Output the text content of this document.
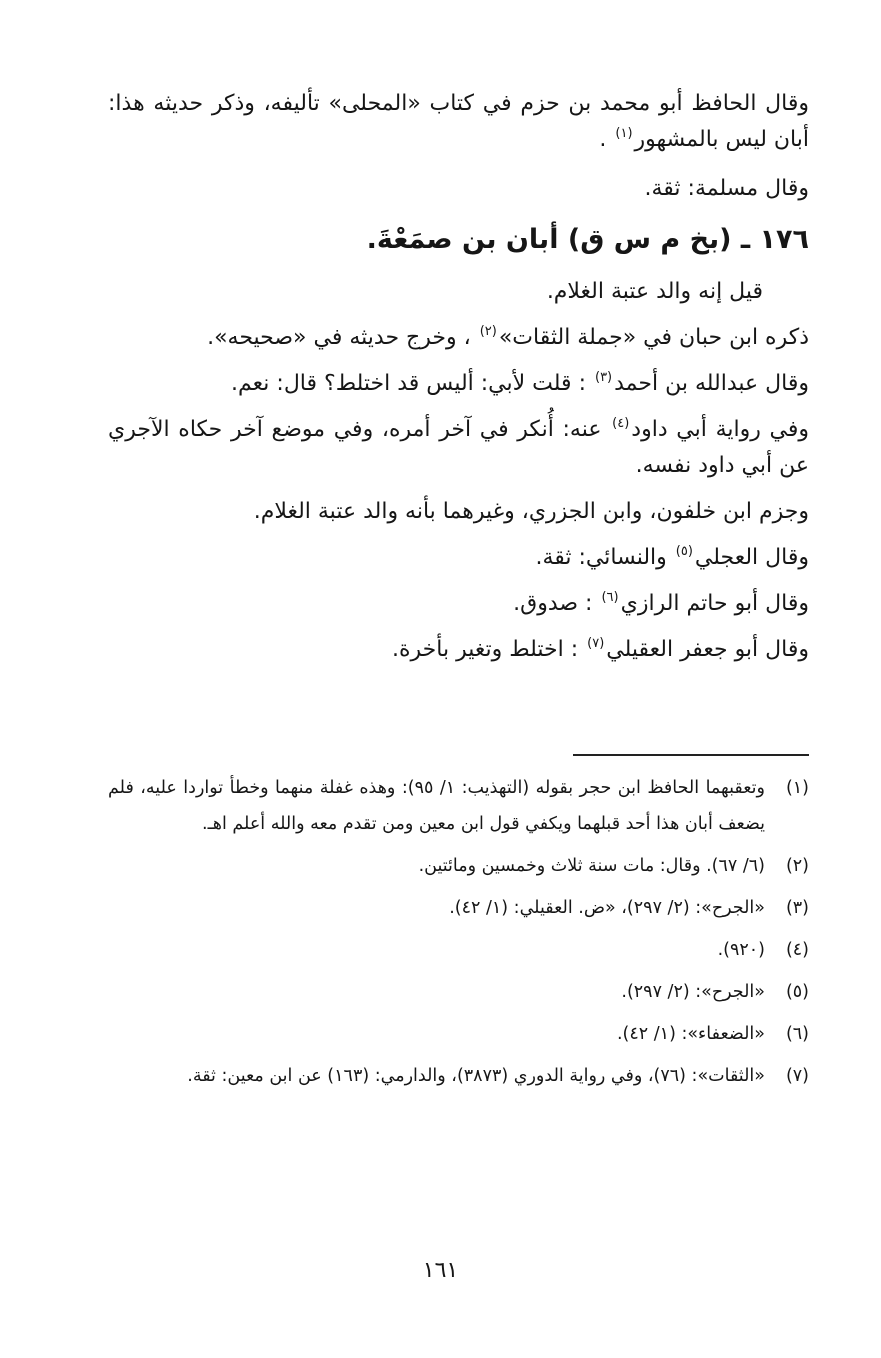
وقال الحافظ أبو محمد بن حزم في كتاب «المحلى» تأليفه، وذكر حديثه هذا: أبان ليس بالمشهور$^{(١)}$ .

وقال مسلمة: ثقة.

١٧٦ ـ (بخ م س ق) أبان بن صمَعْةَ.

قيل إنه والد عتبة الغلام.

ذكره ابن حبان في «جملة الثقات»$^{(٢)}$ ، وخرج حديثه في «صحيحه».

وقال عبدالله بن أحمد$^{(٣)}$ : قلت لأبي: أليس قد اختلط؟ قال: نعم.

وفي رواية أبي داود$^{(٤)}$ عنه: أُنكر في آخر أمره، وفي موضع آخر حكاه الآجري عن أبي داود نفسه.

وجزم ابن خلفون، وابن الجزري، وغيرهما بأنه والد عتبة الغلام.

وقال العجلي$^{(٥)}$ والنسائي: ثقة.

وقال أبو حاتم الرازي$^{(٦)}$ : صدوق.

وقال أبو جعفر العقيلي$^{(٧)}$ : اختلط وتغير بأخرة.

(١)
وتعقبهما الحافظ ابن حجر بقوله (التهذيب: ١/ ٩٥): وهذه غفلة منهما وخطأ تواردا عليه، فلم يضعف أبان هذا أحد قبلهما ويكفي قول ابن معين ومن تقدم معه والله أعلم اهـ.

(٢)
(٦/ ٦٧). وقال: مات سنة ثلاث وخمسين ومائتين.

(٣)
«الجرح»: (٢/ ٢٩٧)، «ض. العقيلي: (١/ ٤٢).

(٤)
(٩٢٠).

(٥)
«الجرح»: (٢/ ٢٩٧).

(٦)
«الضعفاء»: (١/ ٤٢).

(٧)
«الثقات»: (٧٦)، وفي رواية الدوري (٣٨٧٣)، والدارمي: (١٦٣) عن ابن معين: ثقة.

١٦١
